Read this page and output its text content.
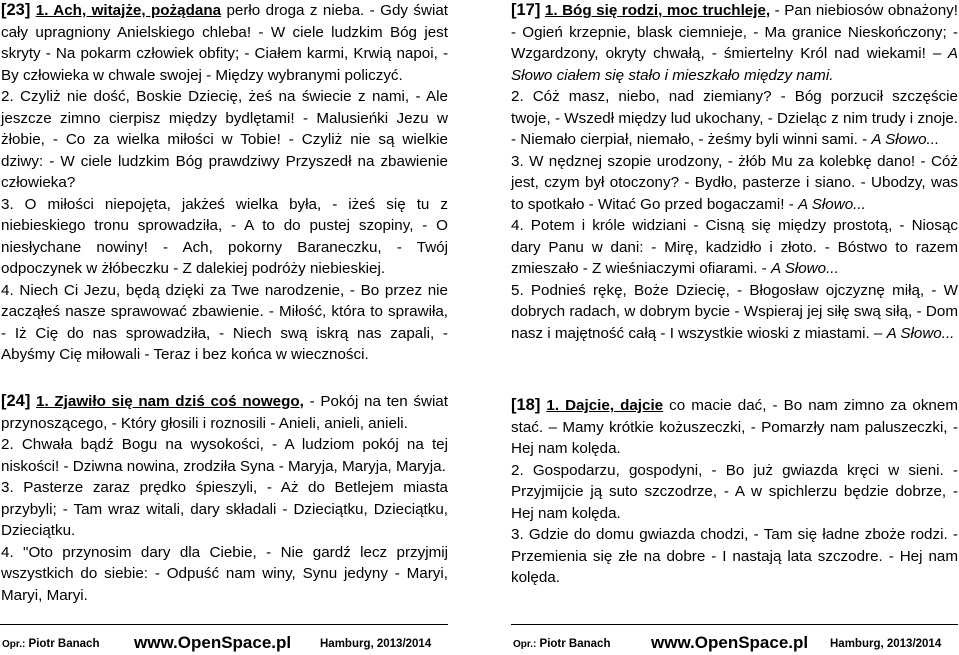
[23] 1. Ach, witajże, pożądana perło droga z nieba. - Gdy świat cały upragniony Anielskiego chleba! - W ciele ludzkim Bóg jest skryty - Na pokarm człowiek obfity; - Ciałem karmi, Krwią napoi, - By człowieka w chwale swojej - Między wybranymi policzyć.

2. Czyliż nie dość, Boskie Dziecię, żeś na świecie z nami, - Ale jeszcze zimno cierpisz między bydlętami! - Malusieńki Jezu w żłobie, - Co za wielka miłości w Tobie! - Czyliż nie są wielkie dziwy: - W ciele ludzkim Bóg prawdziwy Przyszedł na zbawienie człowieka?

3. O miłości niepojęta, jakżeś wielka była, - iżeś się tu z niebieskiego tronu sprowadziła, - A to do pustej szopiny, - O niesłychane nowiny! - Ach, pokorny Baraneczku, - Twój odpoczynek w żłóbeczku - Z dalekiej podróży niebieskiej.

4. Niech Ci Jezu, będą dzięki za Twe narodzenie, - Bo przez nie zacząłeś nasze sprawować zbawienie. - Miłość, która to sprawiła, - Iż Cię do nas sprowadziła, - Niech swą iskrą nas zapali, - Abyśmy Cię miłowali - Teraz i bez końca w wieczności.

[24] 1. Zjawiło się nam dziś coś nowego, - Pokój na ten świat przynoszącego, - Który głosili i roznosili - Anieli, anieli, anieli.

2. Chwała bądź Bogu na wysokości, - A ludziom pokój na tej niskości! - Dziwna nowina, zrodziła Syna - Maryja, Maryja, Maryja.

3. Pasterze zaraz prędko śpieszyli, - Aż do Betlejem miasta przybyli; - Tam wraz witali, dary składali - Dzieciątku, Dzieciątku, Dzieciątku.

4. "Oto przynosim dary dla Ciebie, - Nie gardź lecz przyjmij wszystkich do siebie: - Odpuść nam winy, Synu jedyny - Maryi, Maryi, Maryi.

[17] 1. Bóg się rodzi, moc truchleje, - Pan niebiosów obnażony! - Ogień krzepnie, blask ciemnieje, - Ma granice Nieskończony; - Wzgardzony, okryty chwałą, - śmiertelny Król nad wiekami! – A Słowo ciałem się stało i mieszkało między nami.

2. Cóż masz, niebo, nad ziemiany? - Bóg porzucił szczęście twoje, - Wszedł między lud ukochany, - Dzieląc z nim trudy i znoje. - Niemało cierpiał, niemało, - żeśmy byli winni sami. - A Słowo...

3. W nędznej szopie urodzony, - żłób Mu za kolebkę dano! - Cóż jest, czym był otoczony? - Bydło, pasterze i siano. - Ubodzy, was to spotkało - Witać Go przed bogaczami! - A Słowo...

4. Potem i króle widziani - Cisną się między prostotą, - Niosąc dary Panu w dani: - Mirę, kadzidło i złoto. - Bóstwo to razem zmieszało - Z wieśniaczymi ofiarami. - A Słowo...

5. Podnieś rękę, Boże Dziecię, - Błogosław ojczyznę miłą, - W dobrych radach, w dobrym bycie - Wspieraj jej siłę swą siłą, - Dom nasz i majętność całą - I wszystkie wioski z miastami. – A Słowo...

[18] 1. Dajcie, dajcie co macie dać, - Bo nam zimno za oknem stać. – Mamy krótkie kożuszeczki, - Pomarzły nam paluszeczki, - Hej nam kolęda.

2. Gospodarzu, gospodyni, - Bo już gwiazda kręci w sieni. - Przyjmijcie ją suto szczodrze, - A w spichlerzu będzie dobrze, - Hej nam kolęda.

3. Gdzie do domu gwiazda chodzi, - Tam się ładne zboże rodzi. - Przemienia się złe na dobre - I nastają lata szczodre. - Hej nam kolęda.

Opr.: Piotr Banach www.OpenSpace.pl	Hamburg, 2013/2014	Opr.: Piotr Banach www.OpenSpace.pl Hamburg, 2013/2014
